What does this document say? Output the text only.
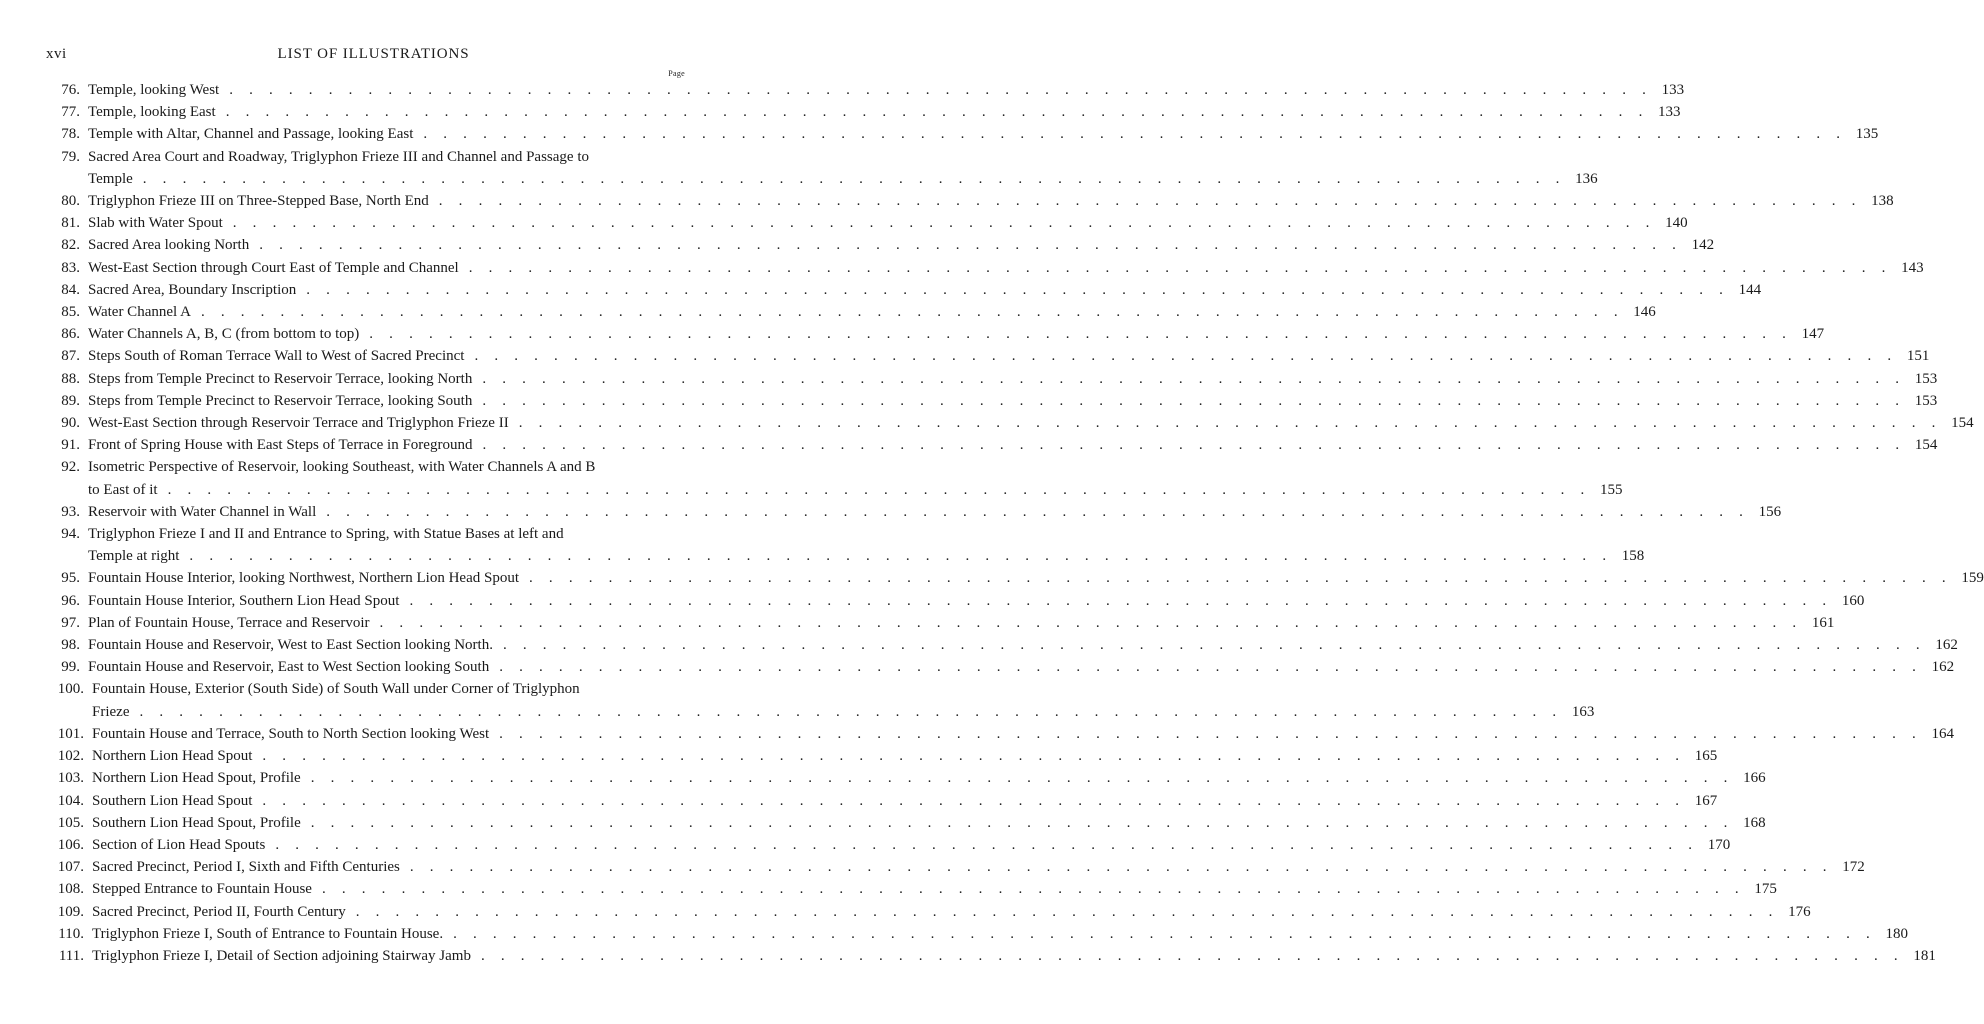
xvi	LIST OF ILLUSTRATIONS
Page
76. Temple, looking West . . . . . . . . . . . . . . . . . . . . . . . . . . . . . . . . . . . . . . . . . . . . . . . . . . . . . . . . . . . . . . . . . . . . . . . . 133
77. Temple, looking East . . . . . . . . . . . . . . . . . . . . . . . . . . . . . . . . . . . . . . . . . . . . . . . . . . . . . . . . . . . . . . . . . . . . . . . . 133
78. Temple with Altar, Channel and Passage, looking East . . . . . . . . . . . . . . . . . . . . . . . . . . . . . . . . . . . . . . . . . . . . . . . . . . . . . . . . . . . . . . . . . . . . . . . . 135
79. Sacred Area Court and Roadway, Triglyphon Frieze III and Channel and Passage to
Temple . . . . . . . . . . . . . . . . . . . . . . . . . . . . . . . . . . . . . . . . . . . . . . . . . . . . . . . . . . . . . . . . . . . . . . . . 136
80. Triglyphon Frieze III on Three-Stepped Base, North End . . . . . . . . . . . . . . . . . . . . . . . . . . . . . . . . . . . . . . . . . . . . . . . . . . . . . . . . . . . . . . . . . . . . . . . . 138
81. Slab with Water Spout . . . . . . . . . . . . . . . . . . . . . . . . . . . . . . . . . . . . . . . . . . . . . . . . . . . . . . . . . . . . . . . . . . . . . . . . 140
82. Sacred Area looking North . . . . . . . . . . . . . . . . . . . . . . . . . . . . . . . . . . . . . . . . . . . . . . . . . . . . . . . . . . . . . . . . . . . . . . . . 142
83. West-East Section through Court East of Temple and Channel . . . . . . . . . . . . . . . . . . . . . . . . . . . . . . . . . . . . . . . . . . . . . . . . . . . . . . . . . . . . . . . . . . . . . . . . 143
84. Sacred Area, Boundary Inscription . . . . . . . . . . . . . . . . . . . . . . . . . . . . . . . . . . . . . . . . . . . . . . . . . . . . . . . . . . . . . . . . . . . . . . . . 144
85. Water Channel A . . . . . . . . . . . . . . . . . . . . . . . . . . . . . . . . . . . . . . . . . . . . . . . . . . . . . . . . . . . . . . . . . . . . . . . . 146
86. Water Channels A, B, C (from bottom to top) . . . . . . . . . . . . . . . . . . . . . . . . . . . . . . . . . . . . . . . . . . . . . . . . . . . . . . . . . . . . . . . . . . . . . . . . 147
87. Steps South of Roman Terrace Wall to West of Sacred Precinct . . . . . . . . . . . . . . . . . . . . . . . . . . . . . . . . . . . . . . . . . . . . . . . . . . . . . . . . . . . . . . . . . . . . . . . . 151
88. Steps from Temple Precinct to Reservoir Terrace, looking North . . . . . . . . . . . . . . . . . . . . . . . . . . . . . . . . . . . . . . . . . . . . . . . . . . . . . . . . . . . . . . . . . . . . . . . . 153
89. Steps from Temple Precinct to Reservoir Terrace, looking South . . . . . . . . . . . . . . . . . . . . . . . . . . . . . . . . . . . . . . . . . . . . . . . . . . . . . . . . . . . . . . . . . . . . . . . . 153
90. West-East Section through Reservoir Terrace and Triglyphon Frieze II . . . . . . . . . . . . . . . . . . . . . . . . . . . . . . . . . . . . . . . . . . . . . . . . . . . . . . . . . . . . . . . . . . . . . . . . 154
91. Front of Spring House with East Steps of Terrace in Foreground . . . . . . . . . . . . . . . . . . . . . . . . . . . . . . . . . . . . . . . . . . . . . . . . . . . . . . . . . . . . . . . . . . . . . . . . 154
92. Isometric Perspective of Reservoir, looking Southeast, with Water Channels A and B
to East of it . . . . . . . . . . . . . . . . . . . . . . . . . . . . . . . . . . . . . . . . . . . . . . . . . . . . . . . . . . . . . . . . . . . . . . . . 155
93. Reservoir with Water Channel in Wall . . . . . . . . . . . . . . . . . . . . . . . . . . . . . . . . . . . . . . . . . . . . . . . . . . . . . . . . . . . . . . . . . . . . . . . . 156
94. Triglyphon Frieze I and II and Entrance to Spring, with Statue Bases at left and
Temple at right . . . . . . . . . . . . . . . . . . . . . . . . . . . . . . . . . . . . . . . . . . . . . . . . . . . . . . . . . . . . . . . . . . . . . . . . 158
95. Fountain House Interior, looking Northwest, Northern Lion Head Spout . . . . . . . . . . . . . . . . . . . . . . . . . . . . . . . . . . . . . . . . . . . . . . . . . . . . . . . . . . . . . . . . . . . . . . . . 159
96. Fountain House Interior, Southern Lion Head Spout . . . . . . . . . . . . . . . . . . . . . . . . . . . . . . . . . . . . . . . . . . . . . . . . . . . . . . . . . . . . . . . . . . . . . . . . 160
97. Plan of Fountain House, Terrace and Reservoir . . . . . . . . . . . . . . . . . . . . . . . . . . . . . . . . . . . . . . . . . . . . . . . . . . . . . . . . . . . . . . . . . . . . . . . . 161
98. Fountain House and Reservoir, West to East Section looking North. . . . . . . . . . . . . . . . . . . . . . . . . . . . . . . . . . . . . . . . . . . . . . . . . . . . . . . . . . . . . . . . . . . . . . . . . 162
99. Fountain House and Reservoir, East to West Section looking South . . . . . . . . . . . . . . . . . . . . . . . . . . . . . . . . . . . . . . . . . . . . . . . . . . . . . . . . . . . . . . . . . . . . . . . . 162
100. Fountain House, Exterior (South Side) of South Wall under Corner of Triglyphon
Frieze . . . . . . . . . . . . . . . . . . . . . . . . . . . . . . . . . . . . . . . . . . . . . . . . . . . . . . . . . . . . . . . . . . . . . . . . 163
101. Fountain House and Terrace, South to North Section looking West . . . . . . . . . . . . . . . . . . . . . . . . . . . . . . . . . . . . . . . . . . . . . . . . . . . . . . . . . . . . . . . . . . . . . . . . 164
102. Northern Lion Head Spout . . . . . . . . . . . . . . . . . . . . . . . . . . . . . . . . . . . . . . . . . . . . . . . . . . . . . . . . . . . . . . . . . . . . . . . . 165
103. Northern Lion Head Spout, Profile . . . . . . . . . . . . . . . . . . . . . . . . . . . . . . . . . . . . . . . . . . . . . . . . . . . . . . . . . . . . . . . . . . . . . . . . 166
104. Southern Lion Head Spout . . . . . . . . . . . . . . . . . . . . . . . . . . . . . . . . . . . . . . . . . . . . . . . . . . . . . . . . . . . . . . . . . . . . . . . . 167
105. Southern Lion Head Spout, Profile . . . . . . . . . . . . . . . . . . . . . . . . . . . . . . . . . . . . . . . . . . . . . . . . . . . . . . . . . . . . . . . . . . . . . . . . 168
106. Section of Lion Head Spouts . . . . . . . . . . . . . . . . . . . . . . . . . . . . . . . . . . . . . . . . . . . . . . . . . . . . . . . . . . . . . . . . . . . . . . . . 170
107. Sacred Precinct, Period I, Sixth and Fifth Centuries . . . . . . . . . . . . . . . . . . . . . . . . . . . . . . . . . . . . . . . . . . . . . . . . . . . . . . . . . . . . . . . . . . . . . . . . 172
108. Stepped Entrance to Fountain House . . . . . . . . . . . . . . . . . . . . . . . . . . . . . . . . . . . . . . . . . . . . . . . . . . . . . . . . . . . . . . . . . . . . . . . . 175
109. Sacred Precinct, Period II, Fourth Century . . . . . . . . . . . . . . . . . . . . . . . . . . . . . . . . . . . . . . . . . . . . . . . . . . . . . . . . . . . . . . . . . . . . . . . . 176
110. Triglyphon Frieze I, South of Entrance to Fountain House. . . . . . . . . . . . . . . . . . . . . . . . . . . . . . . . . . . . . . . . . . . . . . . . . . . . . . . . . . . . . . . . . . . . . . . . . 180
111. Triglyphon Frieze I, Detail of Section adjoining Stairway Jamb . . . . . . . . . . . . . . . . . . . . . . . . . . . . . . . . . . . . . . . . . . . . . . . . . . . . . . . . . . . . . . . . . . . . . . . . 181
